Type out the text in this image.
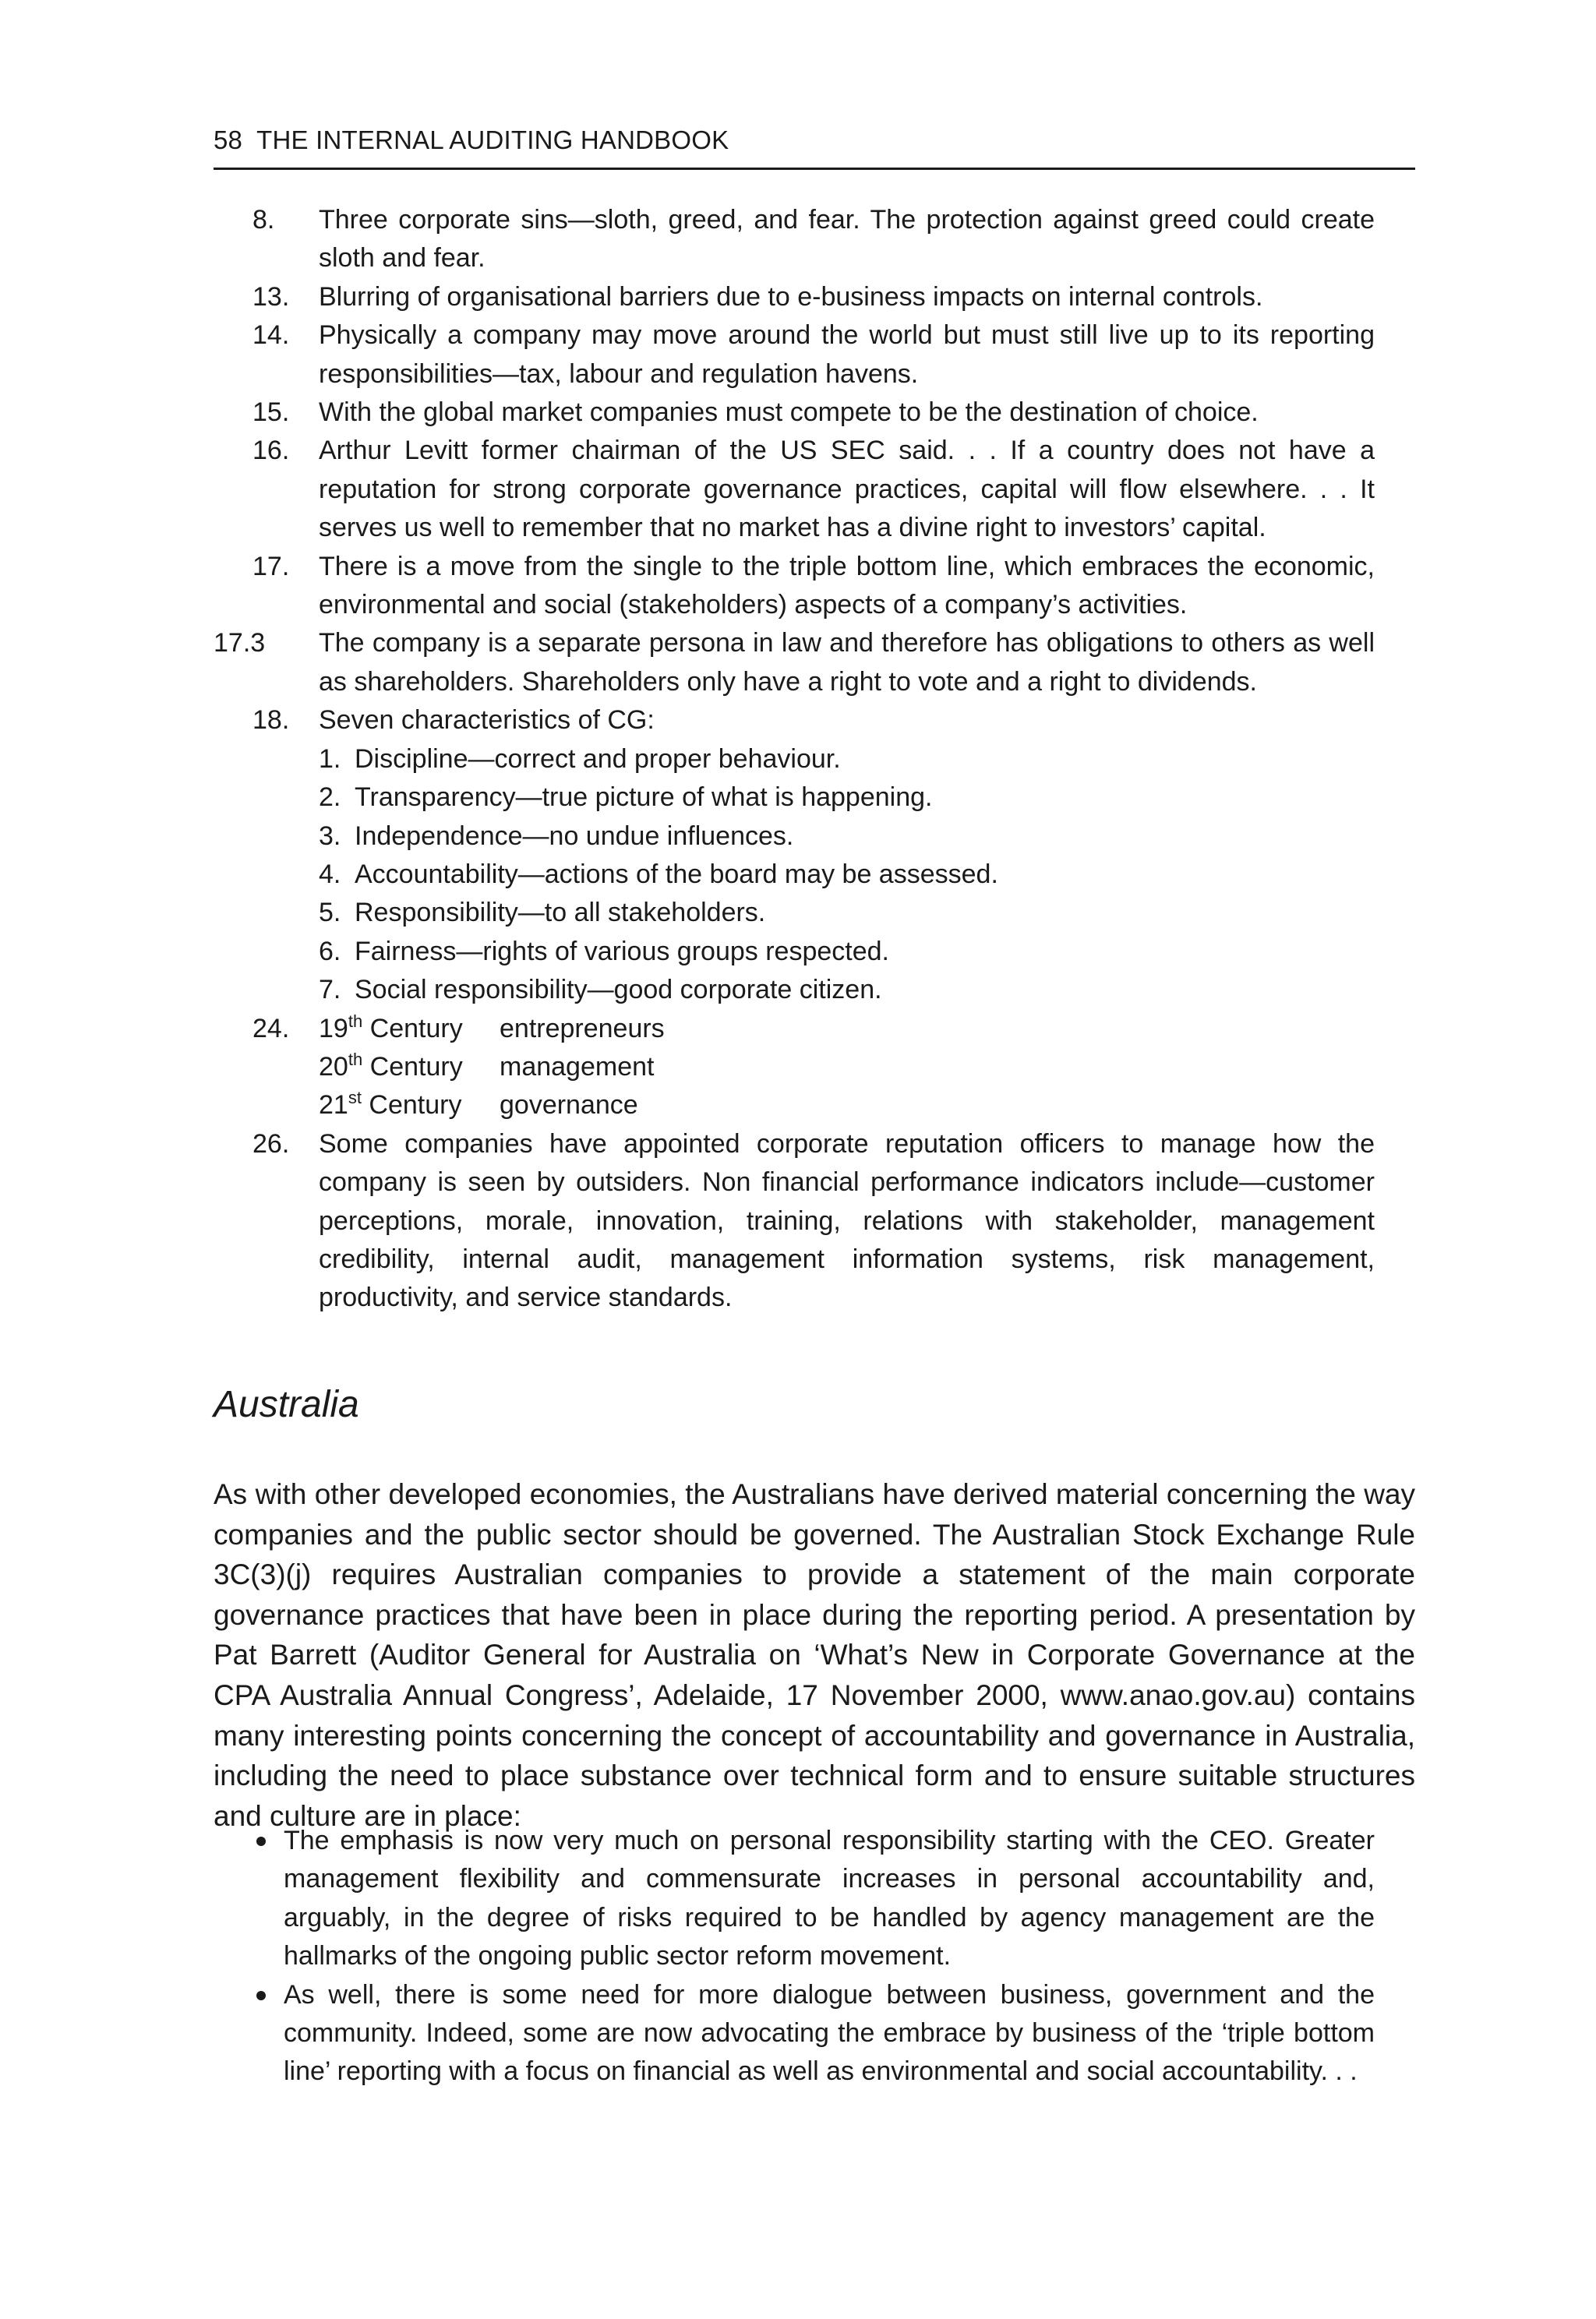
58 THE INTERNAL AUDITING HANDBOOK
8. Three corporate sins—sloth, greed, and fear. The protection against greed could create sloth and fear.
13. Blurring of organisational barriers due to e-business impacts on internal controls.
14. Physically a company may move around the world but must still live up to its reporting responsibilities—tax, labour and regulation havens.
15. With the global market companies must compete to be the destination of choice.
16. Arthur Levitt former chairman of the US SEC said. . . If a country does not have a reputation for strong corporate governance practices, capital will flow elsewhere. . . It serves us well to remember that no market has a divine right to investors’ capital.
17. There is a move from the single to the triple bottom line, which embraces the economic, environmental and social (stakeholders) aspects of a company’s activities.
17.3 The company is a separate persona in law and therefore has obligations to others as well as shareholders. Shareholders only have a right to vote and a right to dividends.
18. Seven characteristics of CG:
1. Discipline—correct and proper behaviour.
2. Transparency—true picture of what is happening.
3. Independence—no undue influences.
4. Accountability—actions of the board may be assessed.
5. Responsibility—to all stakeholders.
6. Fairness—rights of various groups respected.
7. Social responsibility—good corporate citizen.
24. 19th Century entrepreneurs
20th Century management
21st Century governance
26. Some companies have appointed corporate reputation officers to manage how the company is seen by outsiders. Non financial performance indicators include—customer perceptions, morale, innovation, training, relations with stakeholder, management credibility, internal audit, management information systems, risk management, productivity, and service standards.
Australia
As with other developed economies, the Australians have derived material concerning the way companies and the public sector should be governed. The Australian Stock Exchange Rule 3C(3)(j) requires Australian companies to provide a statement of the main corporate governance practices that have been in place during the reporting period. A presentation by Pat Barrett (Auditor General for Australia on ‘What’s New in Corporate Governance at the CPA Australia Annual Congress’, Adelaide, 17 November 2000, www.anao.gov.au) contains many interesting points concerning the concept of accountability and governance in Australia, including the need to place substance over technical form and to ensure suitable structures and culture are in place:
The emphasis is now very much on personal responsibility starting with the CEO. Greater management flexibility and commensurate increases in personal accountability and, arguably, in the degree of risks required to be handled by agency management are the hallmarks of the ongoing public sector reform movement.
As well, there is some need for more dialogue between business, government and the community. Indeed, some are now advocating the embrace by business of the ‘triple bottom line’ reporting with a focus on financial as well as environmental and social accountability. . .
